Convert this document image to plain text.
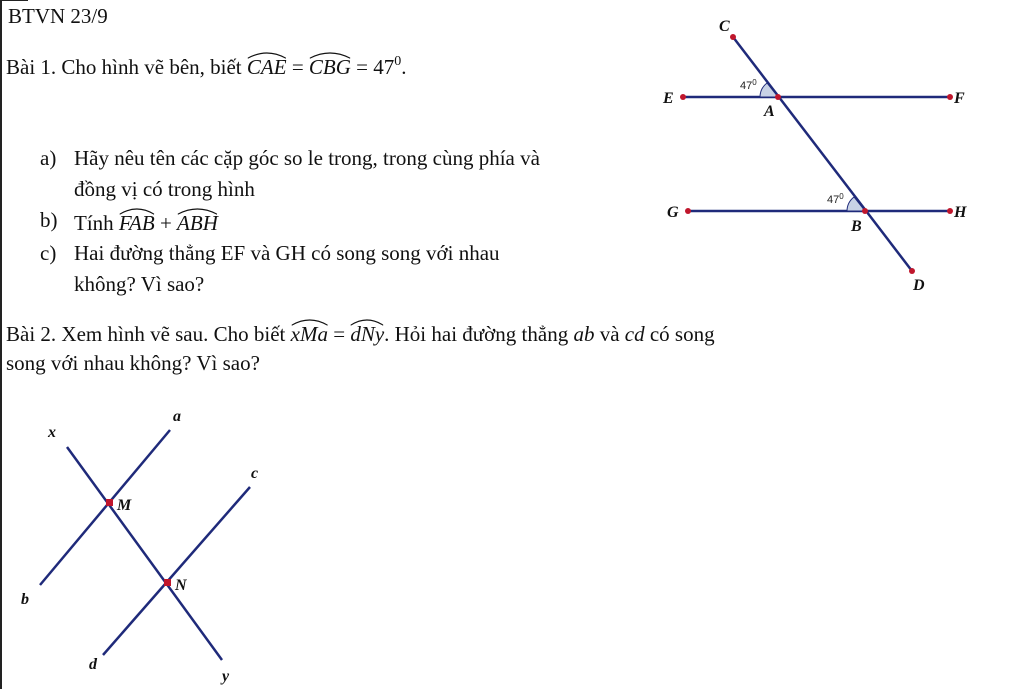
BTVN 23/9
Bài 1. Cho hình vẽ bên, biết CAE = CBG = $47^0$.
a) Hãy nêu tên các cặp góc so le trong, trong cùng phía và
đồng vị có trong hình
b) Tính FAB + ABH
c) Hai đường thẳng EF và GH có song song với nhau
không? Vì sao?
Bài 2. Xem hình vẽ sau. Cho biết xMa = dNy. Hỏi hai đường thẳng ab và cd có song
song với nhau không? Vì sao?
C
E	F
A
G	H
B
D
$47^0$
$47^0$
x
a
c
M
N
b
d
y
